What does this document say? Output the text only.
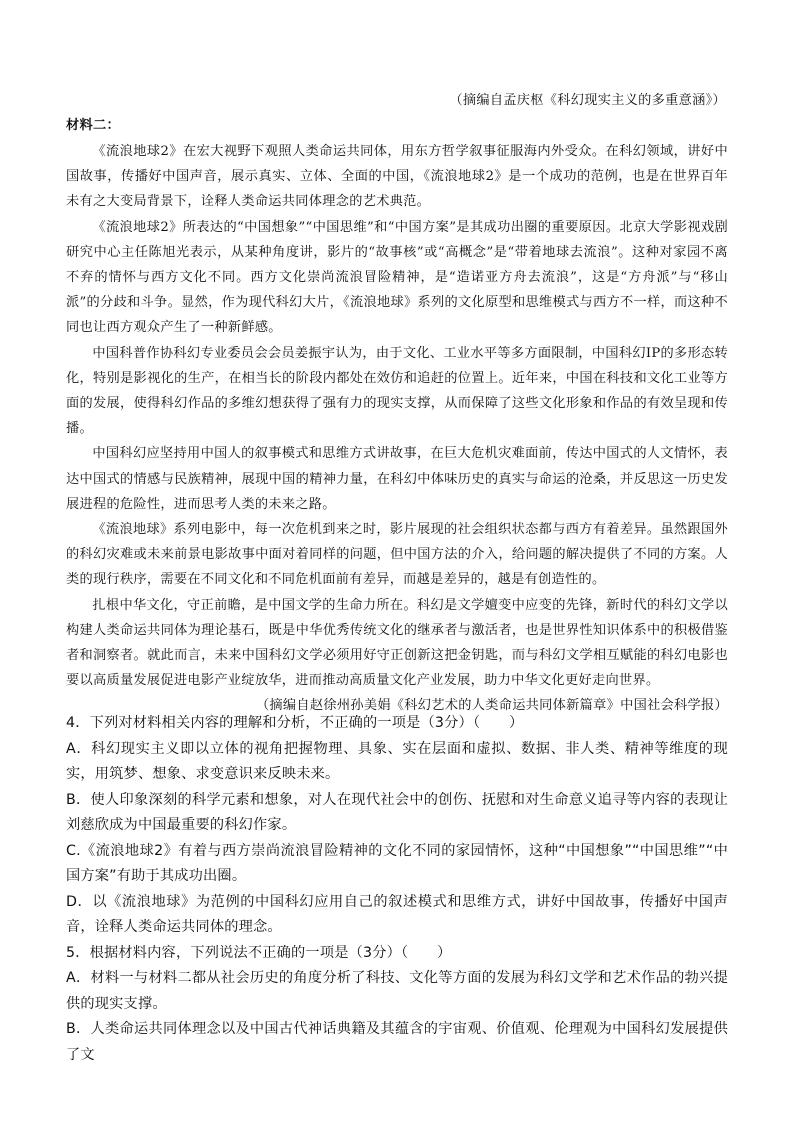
（摘编自孟庆枢《科幻现实主义的多重意涵》）
材料二：

《流浪地球2》在宏大视野下观照人类命运共同体，用东方哲学叙事征服海内外受众。在科幻领域，讲好中国故事，传播好中国声音，展示真实、立体、全面的中国，《流浪地球2》是一个成功的范例，也是在世界百年未有之大变局背景下，诠释人类命运共同体理念的艺术典范。

《流浪地球2》所表达的“中国想象”“中国思维”和“中国方案”是其成功出圈的重要原因。北京大学影视戏剧研究中心主任陈旭光表示，从某种角度讲，影片的“故事核”或“高概念”是“带着地球去流浪”。这种对家园不离不弃的情怀与西方文化不同。西方文化崇尚流浪冒险精神，是“造诺亚方舟去流浪”，这是“方舟派”与“移山派”的分歧和斗争。显然，作为现代科幻大片，《流浪地球》系列的文化原型和思维模式与西方不一样，而这种不同也让西方观众产生了一种新鲜感。

中国科普作协科幻专业委员会会员姜振宇认为，由于文化、工业水平等多方面限制，中国科幻IP的多形态转化，特别是影视化的生产，在相当长的阶段内都处在效仿和追赶的位置上。近年来，中国在科技和文化工业等方面的发展，使得科幻作品的多维幻想获得了强有力的现实支撑，从而保障了这些文化形象和作品的有效呈现和传播。

中国科幻应坚持用中国人的叙事模式和思维方式讲故事，在巨大危机灾难面前，传达中国式的人文情怀，表达中国式的情感与民族精神，展现中国的精神力量，在科幻中体味历史的真实与命运的沧桑，并反思这一历史发展进程的危险性，进而思考人类的未来之路。

《流浪地球》系列电影中，每一次危机到来之时，影片展现的社会组织状态都与西方有着差异。虽然跟国外的科幻灾难或未来前景电影故事中面对着同样的问题，但中国方法的介入，给问题的解决提供了不同的方案。人类的现行秩序，需要在不同文化和不同危机面前有差异，而越是差异的，越是有创造性的。

扎根中华文化，守正前瞻，是中国文学的生命力所在。科幻是文学嬗变中应变的先锋，新时代的科幻文学以构建人类命运共同体为理论基石，既是中华优秀传统文化的继承者与激活者，也是世界性知识体系中的积极借鉴者和洞察者。就此而言，未来中国科幻文学必须用好守正创新这把金钥匙，而与科幻文学相互赋能的科幻电影也要以高质量发展促进电影产业绽放华，进而推动高质量文化产业发展，助力中华文化更好走向世界。

（摘编自赵徐州孙美娟《科幻艺术的人类命运共同体新篇章》中国社会科学报）

4．下列对材料相关内容的理解和分析，不正确的一项是（3分）（　　）

A．科幻现实主义即以立体的视角把握物理、具象、实在层面和虚拟、数据、非人类、精神等维度的现实，用筑梦、想象、求变意识来反映未来。

B．使人印象深刻的科学元素和想象，对人在现代社会中的创伤、抚慰和对生命意义追寻等内容的表现让刘慈欣成为中国最重要的科幻作家。

C.《流浪地球2》有着与西方崇尚流浪冒险精神的文化不同的家园情怀，这种“中国想象”“中国思维”“中国方案”有助于其成功出圈。

D．以《流浪地球》为范例的中国科幻应用自己的叙述模式和思维方式，讲好中国故事，传播好中国声音，诠释人类命运共同体的理念。

5．根据材料内容，下列说法不正确的一项是（3分）（　　）

A．材料一与材料二都从社会历史的角度分析了科技、文化等方面的发展为科幻文学和艺术作品的勃兴提供的现实支撑。

B．人类命运共同体理念以及中国古代神话典籍及其蕴含的宇宙观、价值观、伦理观为中国科幻发展提供了文
